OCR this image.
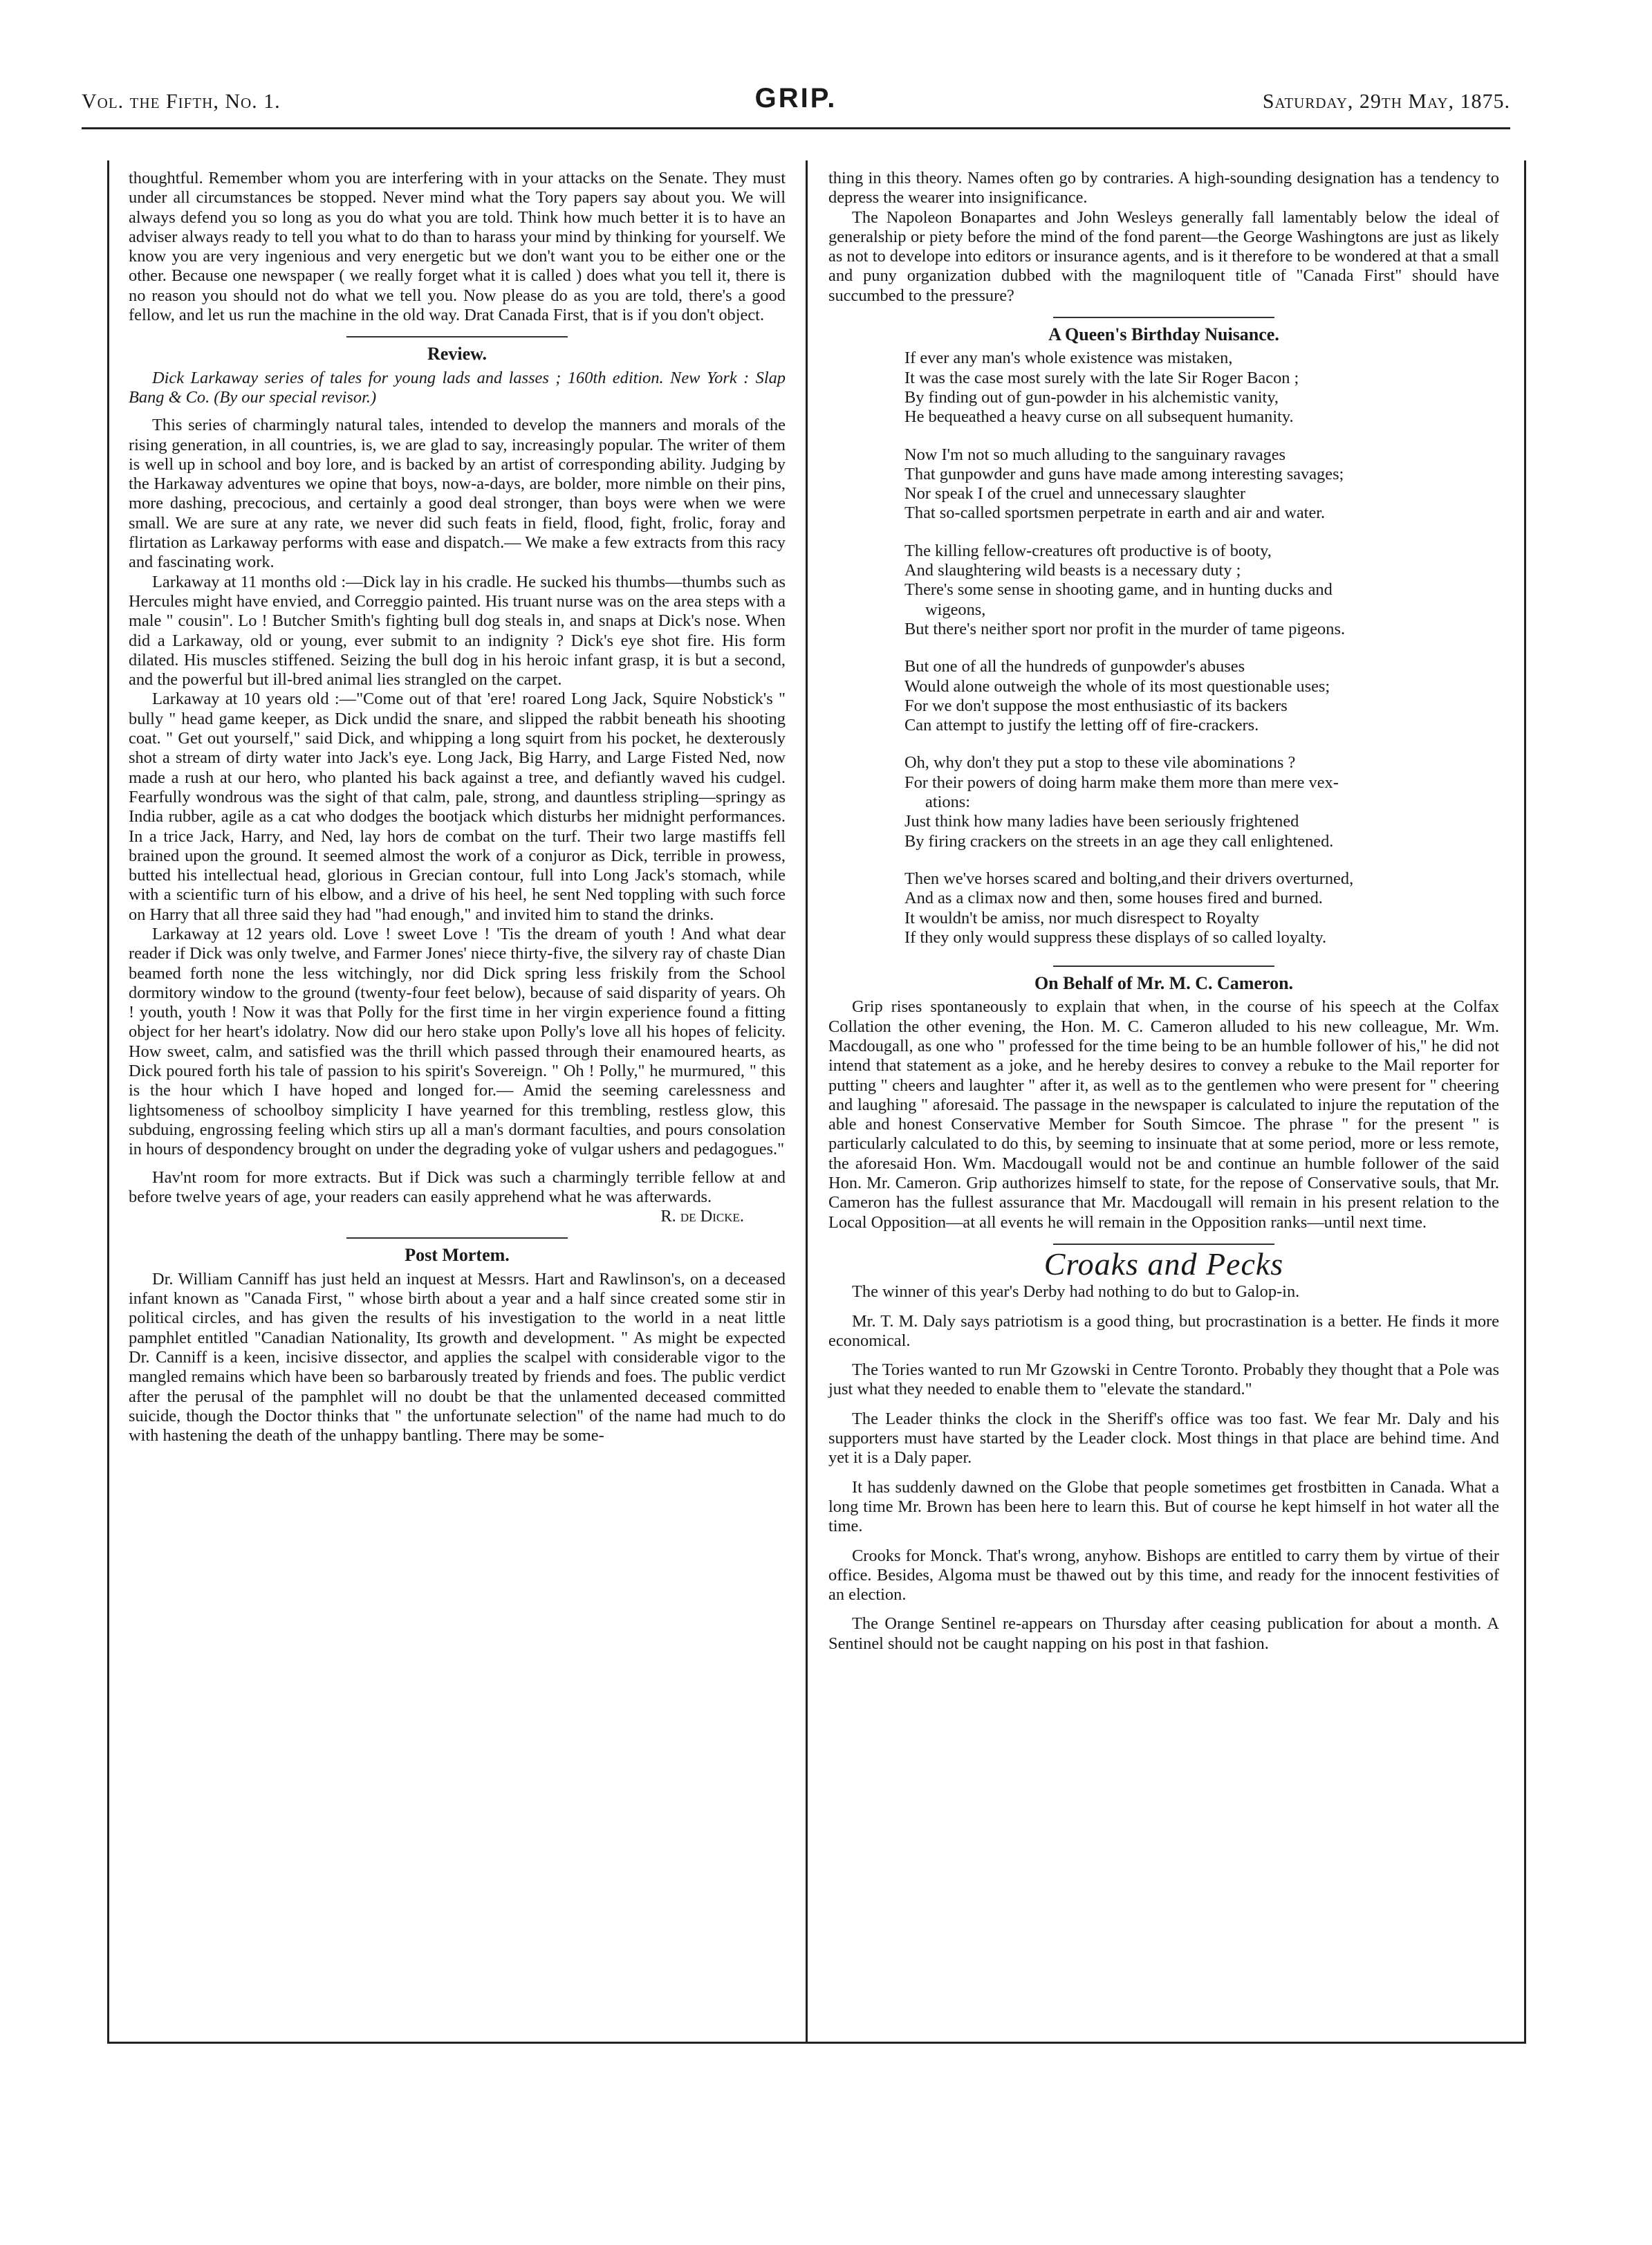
Vol. the Fifth, No. 1.	GRIP.	Saturday, 29th May, 1875.

thoughtful. Remember whom you are interfering with in your attacks on the Senate. They must under all circumstances be stopped. Never mind what the Tory papers say about you. We will always defend you so long as you do what you are told. Think how much better it is to have an adviser always ready to tell you what to do than to harass your mind by thinking for yourself. We know you are very ingenious and very energetic but we don't want you to be either one or the other. Because one newspaper ( we really forget what it is called ) does what you tell it, there is no reason you should not do what we tell you. Now please do as you are told, there's a good fellow, and let us run the machine in the old way. Drat Canada First, that is if you don't object.

Review.

Dick Larkaway series of tales for young lads and lasses ; 160th edition. New York : Slap Bang & Co. (By our special revisor.)

This series of charmingly natural tales, intended to develop the manners and morals of the rising generation, in all countries, is, we are glad to say, increasingly popular. The writer of them is well up in school and boy lore, and is backed by an artist of corresponding ability. Judging by the Harkaway adventures we opine that boys, now-a-days, are bolder, more nimble on their pins, more dashing, precocious, and certainly a good deal stronger, than boys were when we were small. We are sure at any rate, we never did such feats in field, flood, fight, frolic, foray and flirtation as Larkaway performs with ease and dispatch.— We make a few extracts from this racy and fascinating work.

Larkaway at 11 months old :—Dick lay in his cradle. He sucked his thumbs—thumbs such as Hercules might have envied, and Correggio painted. His truant nurse was on the area steps with a male " cousin". Lo ! Butcher Smith's fighting bull dog steals in, and snaps at Dick's nose. When did a Larkaway, old or young, ever submit to an indignity ? Dick's eye shot fire. His form dilated. His muscles stiffened. Seizing the bull dog in his heroic infant grasp, it is but a second, and the powerful but ill-bred animal lies strangled on the carpet.

Larkaway at 10 years old :—"Come out of that 'ere! roared Long Jack, Squire Nobstick's " bully " head game keeper, as Dick undid the snare, and slipped the rabbit beneath his shooting coat. " Get out yourself," said Dick, and whipping a long squirt from his pocket, he dexterously shot a stream of dirty water into Jack's eye. Long Jack, Big Harry, and Large Fisted Ned, now made a rush at our hero, who planted his back against a tree, and defiantly waved his cudgel. Fearfully wondrous was the sight of that calm, pale, strong, and dauntless stripling—springy as India rubber, agile as a cat who dodges the bootjack which disturbs her midnight performances. In a trice Jack, Harry, and Ned, lay hors de combat on the turf. Their two large mastiffs fell brained upon the ground. It seemed almost the work of a conjuror as Dick, terrible in prowess, butted his intellectual head, glorious in Grecian contour, full into Long Jack's stomach, while with a scientific turn of his elbow, and a drive of his heel, he sent Ned toppling with such force on Harry that all three said they had "had enough," and invited him to stand the drinks.

Larkaway at 12 years old. Love ! sweet Love ! 'Tis the dream of youth ! And what dear reader if Dick was only twelve, and Farmer Jones' niece thirty-five, the silvery ray of chaste Dian beamed forth none the less witchingly, nor did Dick spring less friskily from the School dormitory window to the ground (twenty-four feet below), because of said disparity of years. Oh ! youth, youth ! Now it was that Polly for the first time in her virgin experience found a fitting object for her heart's idolatry. Now did our hero stake upon Polly's love all his hopes of felicity. How sweet, calm, and satisfied was the thrill which passed through their enamoured hearts, as Dick poured forth his tale of passion to his spirit's Sovereign. " Oh ! Polly," he murmured, " this is the hour which I have hoped and longed for.— Amid the seeming carelessness and lightsomeness of schoolboy simplicity I have yearned for this trembling, restless glow, this subduing, engrossing feeling which stirs up all a man's dormant faculties, and pours consolation in hours of despondency brought on under the degrading yoke of vulgar ushers and pedagogues."

Hav'nt room for more extracts. But if Dick was such a charmingly terrible fellow at and before twelve years of age, your readers can easily apprehend what he was afterwards.

R. de Dicke.

Post Mortem.

Dr. William Canniff has just held an inquest at Messrs. Hart and Rawlinson's, on a deceased infant known as "Canada First, " whose birth about a year and a half since created some stir in political circles, and has given the results of his investigation to the world in a neat little pamphlet entitled "Canadian Nationality, Its growth and development. " As might be expected Dr. Canniff is a keen, incisive dissector, and applies the scalpel with considerable vigor to the mangled remains which have been so barbarously treated by friends and foes. The public verdict after the perusal of the pamphlet will no doubt be that the unlamented deceased committed suicide, though the Doctor thinks that " the unfortunate selection" of the name had much to do with hastening the death of the unhappy bantling. There may be some-

thing in this theory. Names often go by contraries. A high-sounding designation has a tendency to depress the wearer into insignificance.

The Napoleon Bonapartes and John Wesleys generally fall lamentably below the ideal of generalship or piety before the mind of the fond parent—the George Washingtons are just as likely as not to develope into editors or insurance agents, and is it therefore to be wondered at that a small and puny organization dubbed with the magniloquent title of "Canada First" should have succumbed to the pressure?

A Queen's Birthday Nuisance.
If ever any man's whole existence was mistaken,
It was the case most surely with the late Sir Roger Bacon ;
By finding out of gun-powder in his alchemistic vanity,
He bequeathed a heavy curse on all subsequent humanity.
Now I'm not so much alluding to the sanguinary ravages
That gunpowder and guns have made among interesting savages;
Nor speak I of the cruel and unnecessary slaughter
That so-called sportsmen perpetrate in earth and air and water.
The killing fellow-creatures oft productive is of booty,
And slaughtering wild beasts is a necessary duty ;
There's some sense in shooting game, and in hunting ducks and
wigeons,
But there's neither sport nor profit in the murder of tame pigeons.
But one of all the hundreds of gunpowder's abuses
Would alone outweigh the whole of its most questionable uses;
For we don't suppose the most enthusiastic of its backers
Can attempt to justify the letting off of fire-crackers.
Oh, why don't they put a stop to these vile abominations ?
For their powers of doing harm make them more than mere vex-
ations:
Just think how many ladies have been seriously frightened
By firing crackers on the streets in an age they call enlightened.
Then we've horses scared and bolting,and their drivers overturned,
And as a climax now and then, some houses fired and burned.
It wouldn't be amiss, nor much disrespect to Royalty
If they only would suppress these displays of so called loyalty.
On Behalf of Mr. M. C. Cameron.

Grip rises spontaneously to explain that when, in the course of his speech at the Colfax Collation the other evening, the Hon. M. C. Cameron alluded to his new colleague, Mr. Wm. Macdougall, as one who " professed for the time being to be an humble follower of his," he did not intend that statement as a joke, and he hereby desires to convey a rebuke to the Mail reporter for putting " cheers and laughter " after it, as well as to the gentlemen who were present for " cheering and laughing " aforesaid. The passage in the newspaper is calculated to injure the reputation of the able and honest Conservative Member for South Simcoe. The phrase " for the present " is particularly calculated to do this, by seeming to insinuate that at some period, more or less remote, the aforesaid Hon. Wm. Macdougall would not be and continue an humble follower of the said Hon. Mr. Cameron. Grip authorizes himself to state, for the repose of Conservative souls, that Mr. Cameron has the fullest assurance that Mr. Macdougall will remain in his present relation to the Local Opposition—at all events he will remain in the Opposition ranks—until next time.

Croaks and Pecks

The winner of this year's Derby had nothing to do but to Galop-in.

Mr. T. M. Daly says patriotism is a good thing, but procrastination is a better. He finds it more economical.

The Tories wanted to run Mr Gzowski in Centre Toronto. Probably they thought that a Pole was just what they needed to enable them to "elevate the standard."

The Leader thinks the clock in the Sheriff's office was too fast. We fear Mr. Daly and his supporters must have started by the Leader clock. Most things in that place are behind time. And yet it is a Daly paper.

It has suddenly dawned on the Globe that people sometimes get frostbitten in Canada. What a long time Mr. Brown has been here to learn this. But of course he kept himself in hot water all the time.

Crooks for Monck. That's wrong, anyhow. Bishops are entitled to carry them by virtue of their office. Besides, Algoma must be thawed out by this time, and ready for the innocent festivities of an election.

The Orange Sentinel re-appears on Thursday after ceasing publication for about a month. A Sentinel should not be caught napping on his post in that fashion.
